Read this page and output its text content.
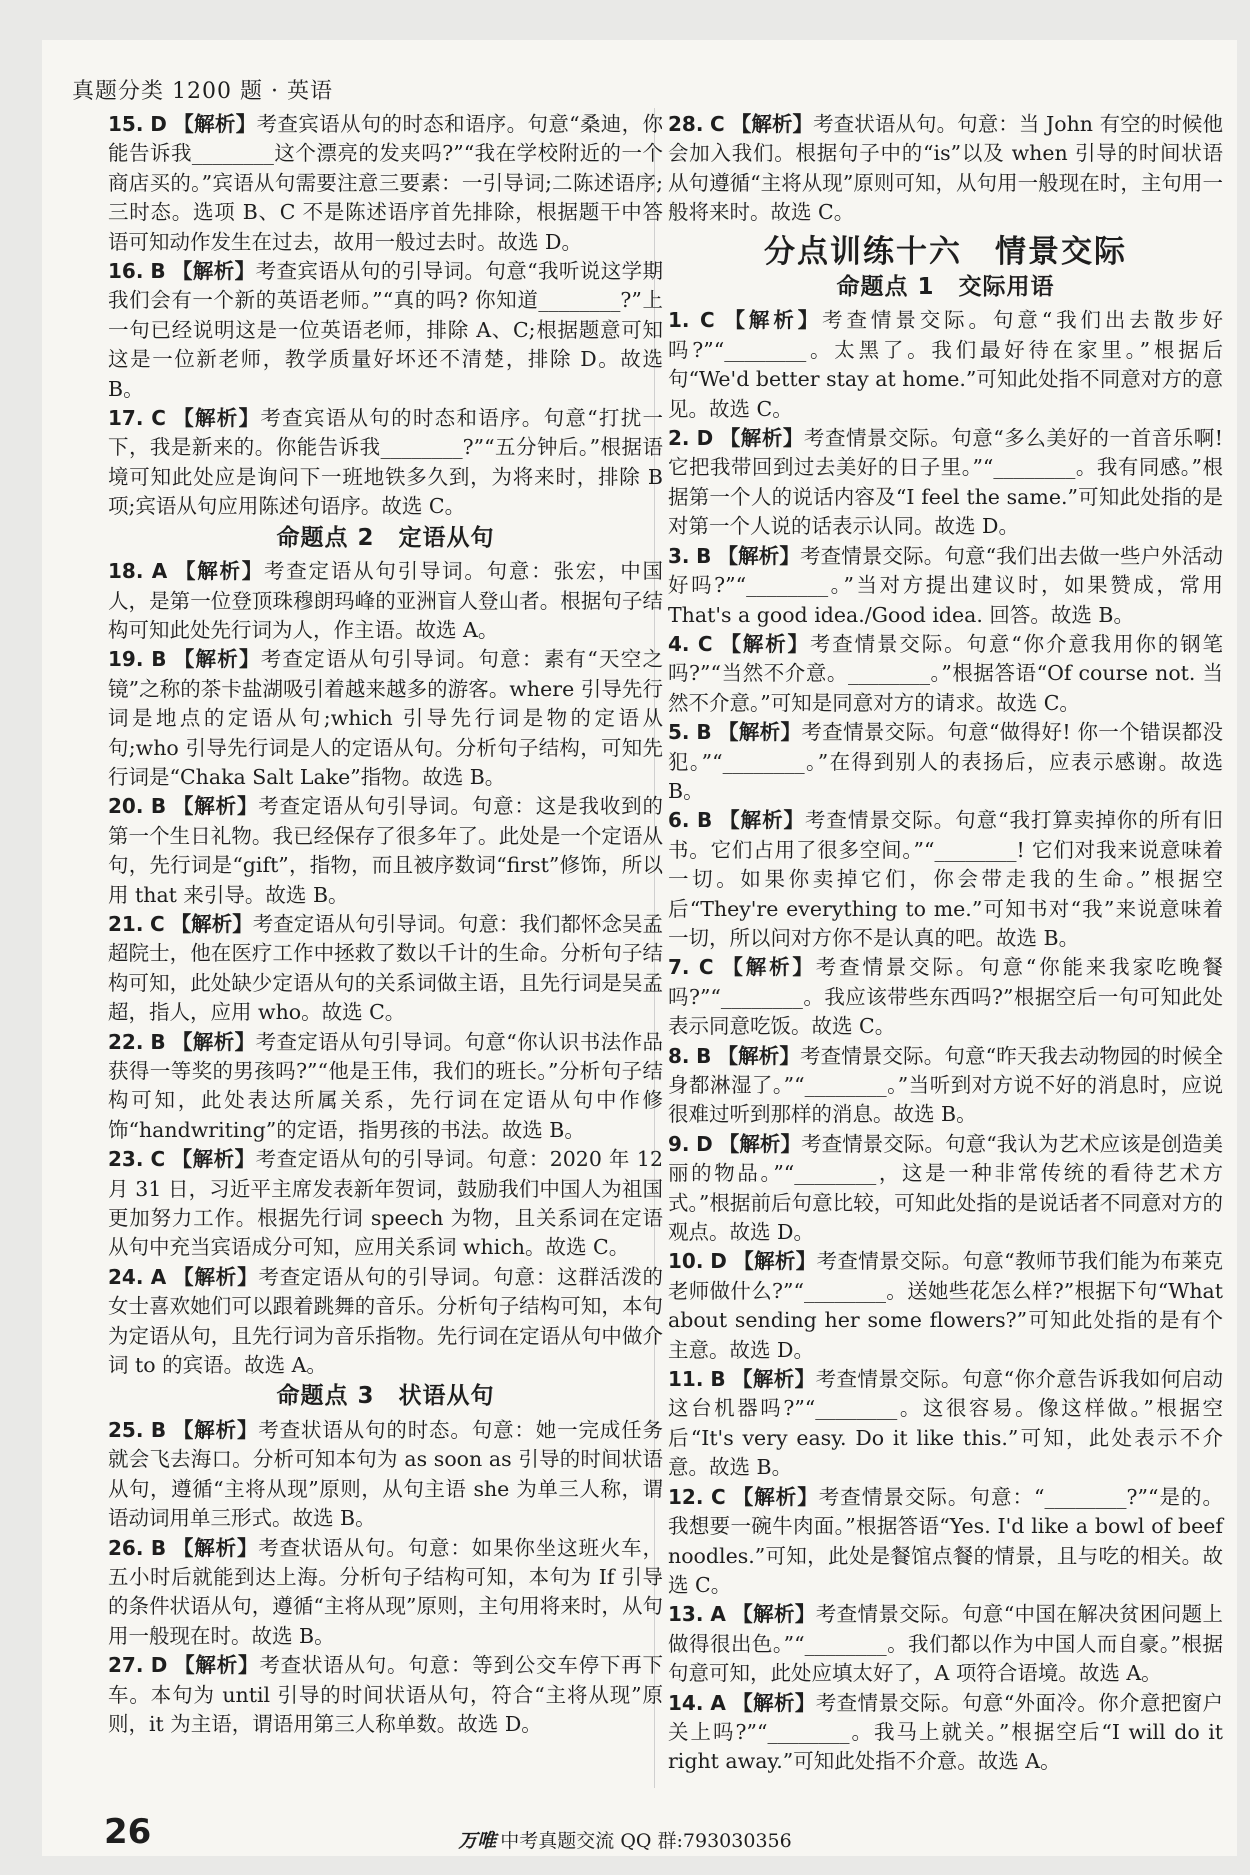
真题分类 1200 题 · 英语
15. D 【解析】考查宾语从句的时态和语序。句意“桑迪，你能告诉我________这个漂亮的发夹吗?”“我在学校附近的一个商店买的。”宾语从句需要注意三要素：一引导词;二陈述语序;三时态。选项 B、C 不是陈述语序首先排除，根据题干中答语可知动作发生在过去，故用一般过去时。故选 D。
16. B 【解析】考查宾语从句的引导词。句意“我听说这学期我们会有一个新的英语老师。”“真的吗? 你知道________?”上一句已经说明这是一位英语老师，排除 A、C;根据题意可知这是一位新老师，教学质量好坏还不清楚，排除 D。故选 B。
17. C 【解析】考查宾语从句的时态和语序。句意“打扰一下，我是新来的。你能告诉我________?”“五分钟后。”根据语境可知此处应是询问下一班地铁多久到，为将来时，排除 B 项;宾语从句应用陈述句语序。故选 C。
命题点 2　定语从句
18. A 【解析】考查定语从句引导词。句意：张宏，中国人，是第一位登顶珠穆朗玛峰的亚洲盲人登山者。根据句子结构可知此处先行词为人，作主语。故选 A。
19. B 【解析】考查定语从句引导词。句意：素有“天空之镜”之称的茶卡盐湖吸引着越来越多的游客。where 引导先行词是地点的定语从句;which 引导先行词是物的定语从句;who 引导先行词是人的定语从句。分析句子结构，可知先行词是“Chaka Salt Lake”指物。故选 B。
20. B 【解析】考查定语从句引导词。句意：这是我收到的第一个生日礼物。我已经保存了很多年了。此处是一个定语从句，先行词是“gift”，指物，而且被序数词“first”修饰，所以用 that 来引导。故选 B。
21. C 【解析】考查定语从句引导词。句意：我们都怀念吴孟超院士，他在医疗工作中拯救了数以千计的生命。分析句子结构可知，此处缺少定语从句的关系词做主语，且先行词是吴孟超，指人，应用 who。故选 C。
22. B 【解析】考查定语从句引导词。句意“你认识书法作品获得一等奖的男孩吗?”“他是王伟，我们的班长。”分析句子结构可知，此处表达所属关系，先行词在定语从句中作修饰“handwriting”的定语，指男孩的书法。故选 B。
23. C 【解析】考查定语从句的引导词。句意：2020 年 12 月 31 日，习近平主席发表新年贺词，鼓励我们中国人为祖国更加努力工作。根据先行词 speech 为物，且关系词在定语从句中充当宾语成分可知，应用关系词 which。故选 C。
24. A 【解析】考查定语从句的引导词。句意：这群活泼的女士喜欢她们可以跟着跳舞的音乐。分析句子结构可知，本句为定语从句，且先行词为音乐指物。先行词在定语从句中做介词 to 的宾语。故选 A。
命题点 3　状语从句
25. B 【解析】考查状语从句的时态。句意：她一完成任务就会飞去海口。分析可知本句为 as soon as 引导的时间状语从句，遵循“主将从现”原则，从句主语 she 为单三人称，谓语动词用单三形式。故选 B。
26. B 【解析】考查状语从句。句意：如果你坐这班火车，五小时后就能到达上海。分析句子结构可知，本句为 If 引导的条件状语从句，遵循“主将从现”原则，主句用将来时，从句用一般现在时。故选 B。
27. D 【解析】考查状语从句。句意：等到公交车停下再下车。本句为 until 引导的时间状语从句，符合“主将从现”原则，it 为主语，谓语用第三人称单数。故选 D。
28. C 【解析】考查状语从句。句意：当 John 有空的时候他会加入我们。根据句子中的“is”以及 when 引导的时间状语从句遵循“主将从现”原则可知，从句用一般现在时，主句用一般将来时。故选 C。
分点训练十六　情景交际
命题点 1　交际用语
1. C 【解析】考查情景交际。句意“我们出去散步好吗?”“________。太黑了。我们最好待在家里。”根据后句“We'd better stay at home.”可知此处指不同意对方的意见。故选 C。
2. D 【解析】考查情景交际。句意“多么美好的一首音乐啊! 它把我带回到过去美好的日子里。”“________。我有同感。”根据第一个人的说话内容及“I feel the same.”可知此处指的是对第一个人说的话表示认同。故选 D。
3. B 【解析】考查情景交际。句意“我们出去做一些户外活动好吗?”“________。”当对方提出建议时，如果赞成，常用 That's a good idea./Good idea. 回答。故选 B。
4. C 【解析】考查情景交际。句意“你介意我用你的钢笔吗?”“当然不介意。________。”根据答语“Of course not. 当然不介意。”可知是同意对方的请求。故选 C。
5. B 【解析】考查情景交际。句意“做得好! 你一个错误都没犯。”“________。”在得到别人的表扬后，应表示感谢。故选 B。
6. B 【解析】考查情景交际。句意“我打算卖掉你的所有旧书。它们占用了很多空间。”“________! 它们对我来说意味着一切。如果你卖掉它们，你会带走我的生命。”根据空后“They're everything to me.”可知书对“我”来说意味着一切，所以问对方你不是认真的吧。故选 B。
7. C 【解析】考查情景交际。句意“你能来我家吃晚餐吗?”“________。我应该带些东西吗?”根据空后一句可知此处表示同意吃饭。故选 C。
8. B 【解析】考查情景交际。句意“昨天我去动物园的时候全身都淋湿了。”“________。”当听到对方说不好的消息时，应说很难过听到那样的消息。故选 B。
9. D 【解析】考查情景交际。句意“我认为艺术应该是创造美丽的物品。”“________，这是一种非常传统的看待艺术方式。”根据前后句意比较，可知此处指的是说话者不同意对方的观点。故选 D。
10. D 【解析】考查情景交际。句意“教师节我们能为布莱克老师做什么?”“________。送她些花怎么样?”根据下句“What about sending her some flowers?”可知此处指的是有个主意。故选 D。
11. B 【解析】考查情景交际。句意“你介意告诉我如何启动这台机器吗?”“________。这很容易。像这样做。”根据空后“It's very easy. Do it like this.”可知，此处表示不介意。故选 B。
12. C 【解析】考查情景交际。句意：“________?”“是的。我想要一碗牛肉面。”根据答语“Yes. I'd like a bowl of beef noodles.”可知，此处是餐馆点餐的情景，且与吃的相关。故选 C。
13. A 【解析】考查情景交际。句意“中国在解决贫困问题上做得很出色。”“________。我们都以作为中国人而自豪。”根据句意可知，此处应填太好了，A 项符合语境。故选 A。
14. A 【解析】考查情景交际。句意“外面冷。你介意把窗户关上吗?”“________。我马上就关。”根据空后“I will do it right away.”可知此处指不介意。故选 A。
26	万唯 中考真题交流 QQ 群:793030356
